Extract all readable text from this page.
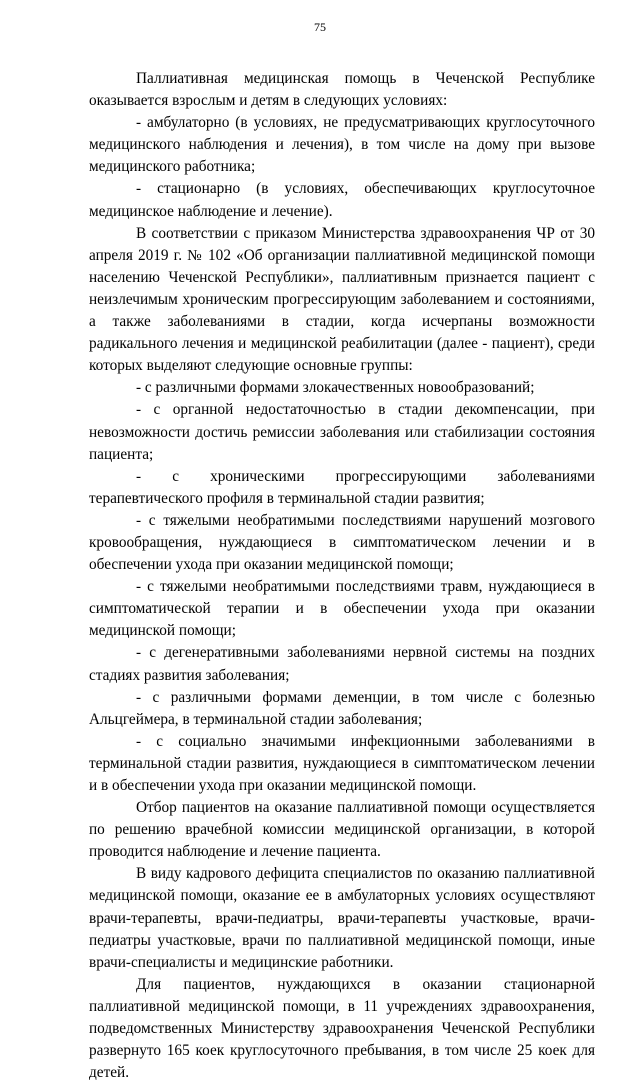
75

Паллиативная медицинская помощь в Чеченской Республике оказывается взрослым и детям в следующих условиях:

- амбулаторно (в условиях, не предусматривающих круглосуточного медицинского наблюдения и лечения), в том числе на дому при вызове медицинского работника;

- стационарно (в условиях, обеспечивающих круглосуточное медицинское наблюдение и лечение).

В соответствии с приказом Министерства здравоохранения ЧР от 30 апреля 2019 г. № 102 «Об организации паллиативной медицинской помощи населению Чеченской Республики», паллиативным признается пациент с неизлечимым хроническим прогрессирующим заболеванием и состояниями, а также заболеваниями в стадии, когда исчерпаны возможности радикального лечения и медицинской реабилитации (далее - пациент), среди которых выделяют следующие основные группы:

- с различными формами злокачественных новообразований;

- с органной недостаточностью в стадии декомпенсации, при невозможности достичь ремиссии заболевания или стабилизации состояния пациента;

- с хроническими прогрессирующими заболеваниями терапевтического профиля в терминальной стадии развития;

- с тяжелыми необратимыми последствиями нарушений мозгового кровообращения, нуждающиеся в симптоматическом лечении и в обеспечении ухода при оказании медицинской помощи;

- с тяжелыми необратимыми последствиями травм, нуждающиеся в симптоматической терапии и в обеспечении ухода при оказании медицинской помощи;

- с дегенеративными заболеваниями нервной системы на поздних стадиях развития заболевания;

- с различными формами деменции, в том числе с болезнью Альцгеймера, в терминальной стадии заболевания;

- с социально значимыми инфекционными заболеваниями в терминальной стадии развития, нуждающиеся в симптоматическом лечении и в обеспечении ухода при оказании медицинской помощи.

Отбор пациентов на оказание паллиативной помощи осуществляется по решению врачебной комиссии медицинской организации, в которой проводится наблюдение и лечение пациента.

В виду кадрового дефицита специалистов по оказанию паллиативной медицинской помощи, оказание ее в амбулаторных условиях осуществляют врачи-терапевты, врачи-педиатры, врачи-терапевты участковые, врачи-педиатры участковые, врачи по паллиативной медицинской помощи, иные врачи-специалисты и медицинские работники.

Для пациентов, нуждающихся в оказании стационарной паллиативной медицинской помощи, в 11 учреждениях здравоохранения, подведомственных Министерству здравоохранения Чеченской Республики развернуто 165 коек круглосуточного пребывания, в том числе 25 коек для детей.
